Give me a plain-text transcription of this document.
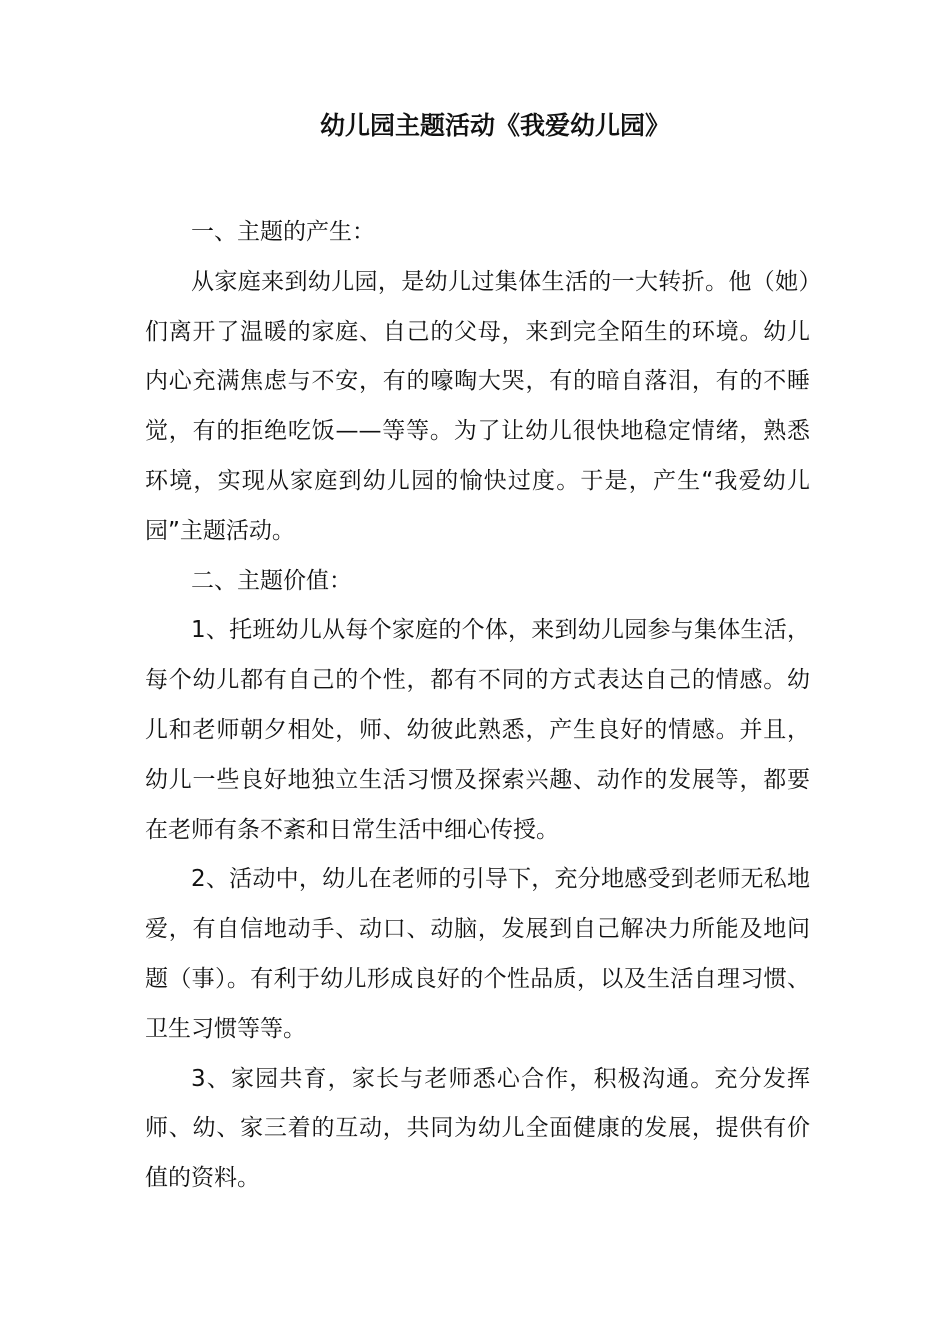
幼儿园主题活动《我爱幼儿园》

一、主题的产生：

从家庭来到幼儿园，是幼儿过集体生活的一大转折。他（她）们离开了温暖的家庭、自己的父母，来到完全陌生的环境。幼儿内心充满焦虑与不安，有的嚎啕大哭，有的暗自落泪，有的不睡觉，有的拒绝吃饭——等等。为了让幼儿很快地稳定情绪，熟悉环境，实现从家庭到幼儿园的愉快过度。于是，产生“我爱幼儿园”主题活动。

二、主题价值：

1、托班幼儿从每个家庭的个体，来到幼儿园参与集体生活，每个幼儿都有自己的个性，都有不同的方式表达自己的情感。幼儿和老师朝夕相处，师、幼彼此熟悉，产生良好的情感。并且，幼儿一些良好地独立生活习惯及探索兴趣、动作的发展等，都要在老师有条不紊和日常生活中细心传授。

2、活动中，幼儿在老师的引导下，充分地感受到老师无私地爱，有自信地动手、动口、动脑，发展到自己解决力所能及地问题（事）。有利于幼儿形成良好的个性品质，以及生活自理习惯、卫生习惯等等。

3、家园共育，家长与老师悉心合作，积极沟通。充分发挥师、幼、家三着的互动，共同为幼儿全面健康的发展，提供有价值的资料。
